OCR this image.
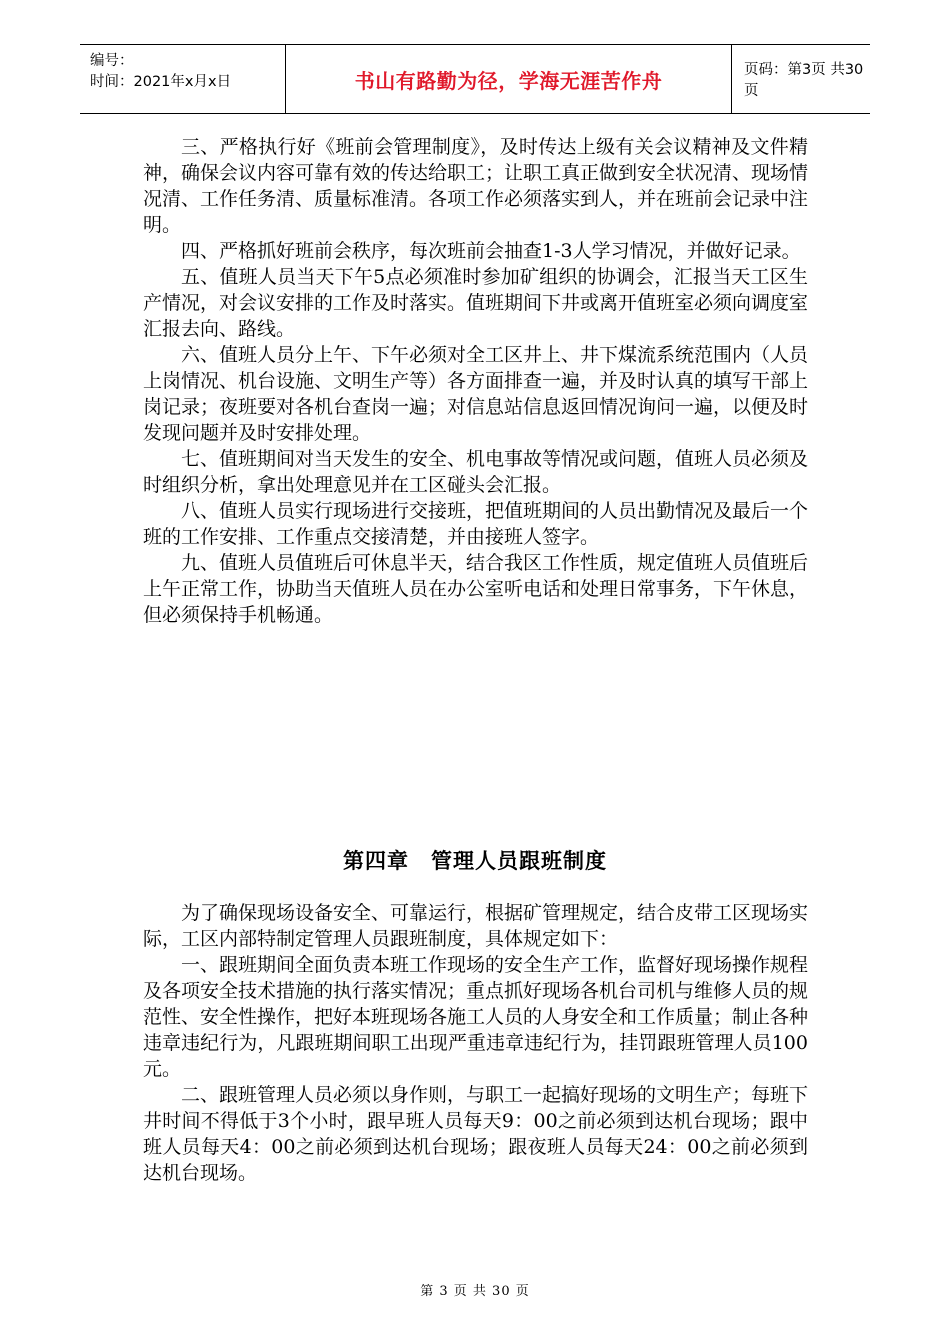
编号：
时间：2021年x月x日	书山有路勤为径，学海无涯苦作舟	页码：第3页 共30页

三、严格执行好《班前会管理制度》，及时传达上级有关会议精神及文件精神，确保会议内容可靠有效的传达给职工；让职工真正做到安全状况清、现场情况清、工作任务清、质量标准清。各项工作必须落实到人，并在班前会记录中注明。

四、严格抓好班前会秩序，每次班前会抽查1-3人学习情况，并做好记录。

五、值班人员当天下午5点必须准时参加矿组织的协调会，汇报当天工区生产情况，对会议安排的工作及时落实。值班期间下井或离开值班室必须向调度室汇报去向、路线。

六、值班人员分上午、下午必须对全工区井上、井下煤流系统范围内（人员上岗情况、机台设施、文明生产等）各方面排查一遍，并及时认真的填写干部上岗记录；夜班要对各机台查岗一遍；对信息站信息返回情况询问一遍，以便及时发现问题并及时安排处理。

七、值班期间对当天发生的安全、机电事故等情况或问题，值班人员必须及时组织分析，拿出处理意见并在工区碰头会汇报。

八、值班人员实行现场进行交接班，把值班期间的人员出勤情况及最后一个班的工作安排、工作重点交接清楚，并由接班人签字。

九、值班人员值班后可休息半天，结合我区工作性质，规定值班人员值班后上午正常工作，协助当天值班人员在办公室听电话和处理日常事务，下午休息，但必须保持手机畅通。

第四章　管理人员跟班制度

为了确保现场设备安全、可靠运行，根据矿管理规定，结合皮带工区现场实际，工区内部特制定管理人员跟班制度，具体规定如下：

一、跟班期间全面负责本班工作现场的安全生产工作，监督好现场操作规程及各项安全技术措施的执行落实情况；重点抓好现场各机台司机与维修人员的规范性、安全性操作，把好本班现场各施工人员的人身安全和工作质量；制止各种违章违纪行为，凡跟班期间职工出现严重违章违纪行为，挂罚跟班管理人员100元。

二、跟班管理人员必须以身作则，与职工一起搞好现场的文明生产；每班下井时间不得低于3个小时，跟早班人员每天9：00之前必须到达机台现场；跟中班人员每天4：00之前必须到达机台现场；跟夜班人员每天24：00之前必须到达机台现场。

第 3 页 共 30 页
